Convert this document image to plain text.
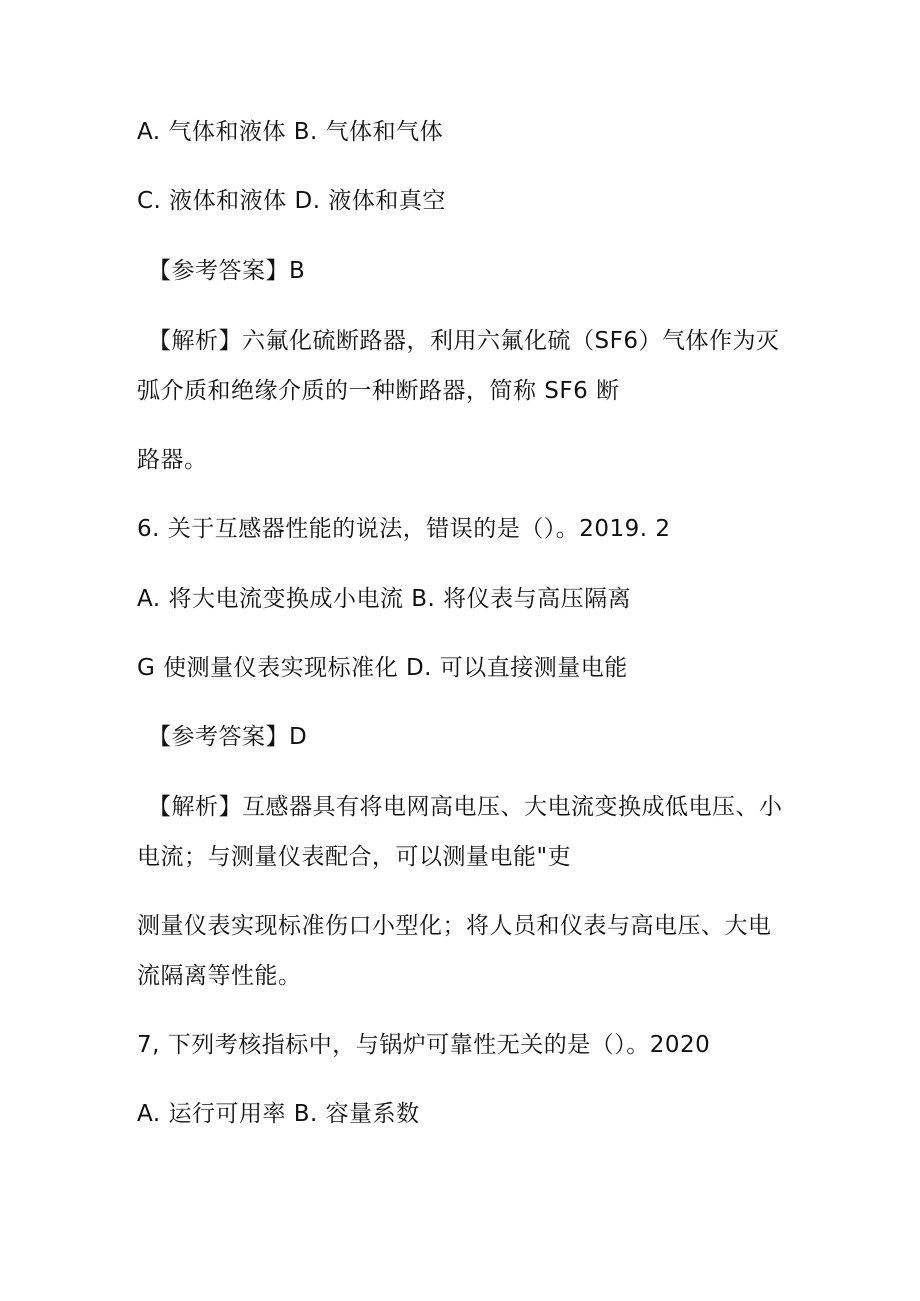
A. 气体和液体 B. 气体和气体

C. 液体和液体 D. 液体和真空

【参考答案】B

【解析】六氟化硫断路器，利用六氟化硫（SF6）气体作为灭

弧介质和绝缘介质的一种断路器，简称 SF6 断

路器。

6. 关于互感器性能的说法，错误的是（）。2019. 2

A. 将大电流变换成小电流 B. 将仪表与高压隔离

G 使测量仪表实现标准化 D. 可以直接测量电能

【参考答案】D

【解析】互感器具有将电网高电压、大电流变换成低电压、小

电流；与测量仪表配合，可以测量电能"吏

测量仪表实现标准伤口小型化；将人员和仪表与高电压、大电

流隔离等性能。

7, 下列考核指标中，与锅炉可靠性无关的是（）。2020

A. 运行可用率 B. 容量系数
